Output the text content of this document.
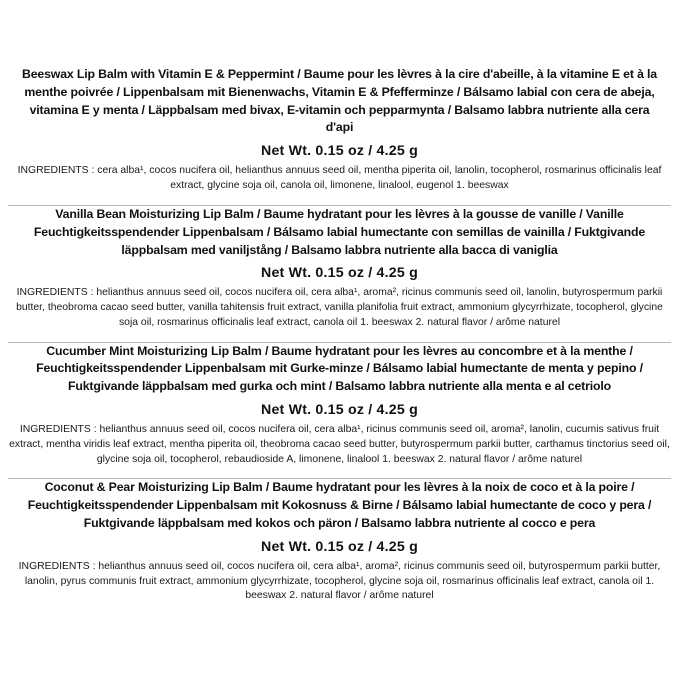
Beeswax Lip Balm with Vitamin E & Peppermint / Baume pour les lèvres à la cire d'abeille, à la vitamine E et à la menthe poivrée / Lippenbalsam mit Bienenwachs, Vitamin E & Pfefferminze / Bálsamo labial con cera de abeja, vitamina E y menta / Läppbalsam med bivax, E-vitamin och pepparmynta / Balsamo labbra nutriente alla cera d'api
Net Wt. 0.15 oz / 4.25 g
INGREDIENTS : cera alba¹, cocos nucifera oil, helianthus annuus seed oil, mentha piperita oil, lanolin, tocopherol, rosmarinus officinalis leaf extract, glycine soja oil, canola oil, limonene, linalool, eugenol 1. beeswax
Vanilla Bean Moisturizing Lip Balm / Baume hydratant pour les lèvres à la gousse de vanille / Vanille Feuchtigkeitsspendender Lippenbalsam / Bálsamo labial humectante con semillas de vainilla / Fuktgivande läppbalsam med vaniljstång / Balsamo labbra nutriente alla bacca di vaniglia
Net Wt. 0.15 oz / 4.25 g
INGREDIENTS : helianthus annuus seed oil, cocos nucifera oil, cera alba¹, aroma², ricinus communis seed oil, lanolin, butyrospermum parkii butter, theobroma cacao seed butter, vanilla tahitensis fruit extract, vanilla planifolia fruit extract, ammonium glycyrrhizate, tocopherol, glycine soja oil, rosmarinus officinalis leaf extract, canola oil 1. beeswax 2. natural flavor / arôme naturel
Cucumber Mint Moisturizing Lip Balm / Baume hydratant pour les lèvres au concombre et à la menthe / Feuchtigkeitsspendender Lippenbalsam mit Gurke-minze / Bálsamo labial humectante de menta y pepino / Fuktgivande läppbalsam med gurka och mint / Balsamo labbra nutriente alla menta e al cetriolo
Net Wt. 0.15 oz / 4.25 g
INGREDIENTS : helianthus annuus seed oil, cocos nucifera oil, cera alba¹, ricinus communis seed oil, aroma², lanolin, cucumis sativus fruit extract, mentha viridis leaf extract, mentha piperita oil, theobroma cacao seed butter, butyrospermum parkii butter, carthamus tinctorius seed oil, glycine soja oil, tocopherol, rebaudioside A, limonene, linalool 1. beeswax 2. natural flavor / arôme naturel
Coconut & Pear Moisturizing Lip Balm / Baume hydratant pour les lèvres à la noix de coco et à la poire / Feuchtigkeitsspendender Lippenbalsam mit Kokosnuss & Birne / Bálsamo labial humectante de coco y pera / Fuktgivande läppbalsam med kokos och päron / Balsamo labbra nutriente al cocco e pera
Net Wt. 0.15 oz / 4.25 g
INGREDIENTS : helianthus annuus seed oil, cocos nucifera oil, cera alba¹, aroma², ricinus communis seed oil, butyrospermum parkii butter, lanolin, pyrus communis fruit extract, ammonium glycyrrhizate, tocopherol, glycine soja oil, rosmarinus officinalis leaf extract, canola oil 1. beeswax 2. natural flavor / arôme naturel
